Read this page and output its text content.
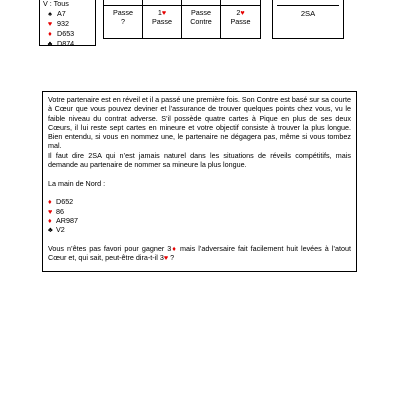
V : Tous
♠ A7
♥ 932
♦ D653
♣ D874
Passe
?
1♥
Passe
Passe
Contre
2♥
Passe
2SA

Votre partenaire est en réveil et il a passé une première fois. Son Contre est basé sur sa courte à Cœur que vous pouvez deviner et l’assurance de trouver quelques points chez vous, vu le faible niveau du contrat adverse. S’il possède quatre cartes à Pique en plus de ses deux Cœurs, il lui reste sept cartes en mineure et votre objectif consiste à trouver la plus longue. Bien entendu, si vous en nommez une, le partenaire ne dégagera pas, même si vous tombez mal.

Il faut dire 2SA qui n’est jamais naturel dans les situations de réveils compétitifs, mais demande au partenaire de nommer sa mineure la plus longue.

La main de Nord :

♦ D652

♥ 86

♦ AR987

♣ V2

Vous n’êtes pas favori pour gagner 3♦ mais l’adversaire fait facilement huit levées à l’atout Cœur et, qui sait, peut-être dira-t-il 3♥ ?
